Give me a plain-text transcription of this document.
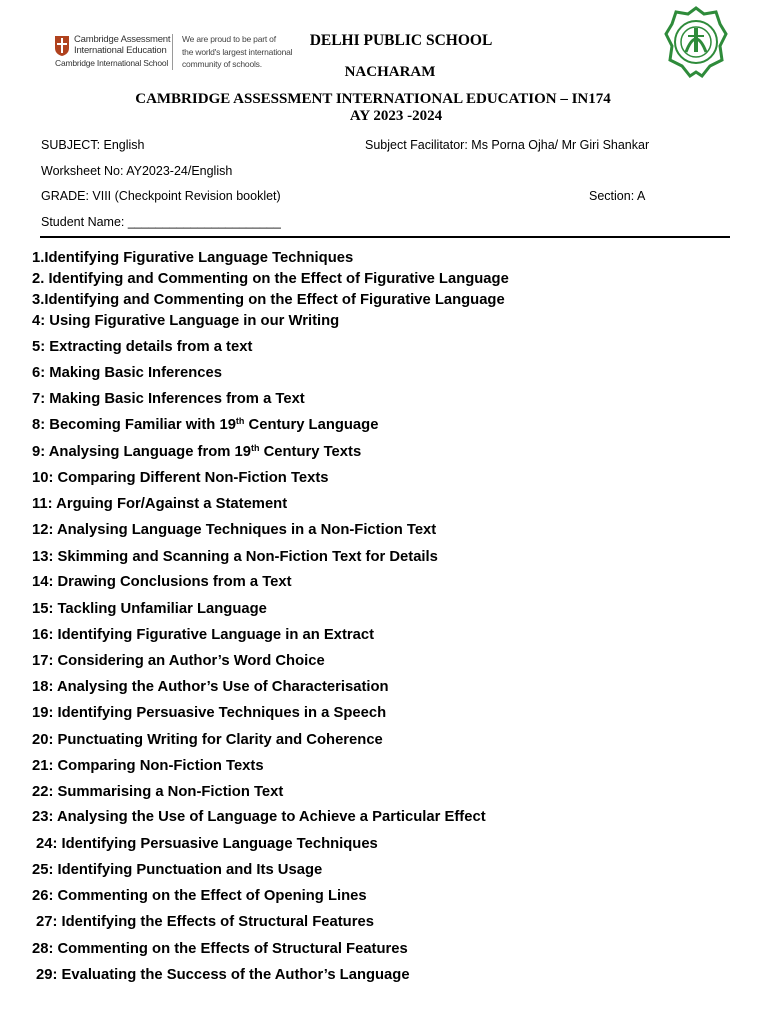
Cambridge Assessment
International Education
Cambridge International School
We are proud to be part of
the world's largest international
community of schools.
DELHI PUBLIC SCHOOL
NACHARAM
CAMBRIDGE ASSESSMENT INTERNATIONAL EDUCATION – IN174
AY 2023 -2024
SUBJECT: English	Subject Facilitator: Ms Porna Ojha/ Mr Giri Shankar
Worksheet No: AY2023-24/English
GRADE: VIII (Checkpoint Revision booklet)	Section: A
Student Name: ______________________
1.Identifying Figurative Language Techniques
2. Identifying and Commenting on the Effect of Figurative Language
3.Identifying and Commenting on the Effect of Figurative Language
4: Using Figurative Language in our Writing
5: Extracting details from a text
6: Making Basic Inferences
7: Making Basic Inferences from a Text
8: Becoming Familiar with 19th Century Language
9: Analysing Language from 19th Century Texts
10: Comparing Different Non-Fiction Texts
11: Arguing For/Against a Statement
12: Analysing Language Techniques in a Non-Fiction Text
13: Skimming and Scanning a Non-Fiction Text for Details
14: Drawing Conclusions from a Text
15: Tackling Unfamiliar Language
16: Identifying Figurative Language in an Extract
17: Considering an Author’s Word Choice
18: Analysing the Author’s Use of Characterisation
19: Identifying Persuasive Techniques in a Speech
20: Punctuating Writing for Clarity and Coherence
21: Comparing Non-Fiction Texts
22: Summarising a Non-Fiction Text
23: Analysing the Use of Language to Achieve a Particular Effect
24: Identifying Persuasive Language Techniques
25: Identifying Punctuation and Its Usage
26: Commenting on the Effect of Opening Lines
27: Identifying the Effects of Structural Features
28: Commenting on the Effects of Structural Features
29: Evaluating the Success of the Author’s Language
